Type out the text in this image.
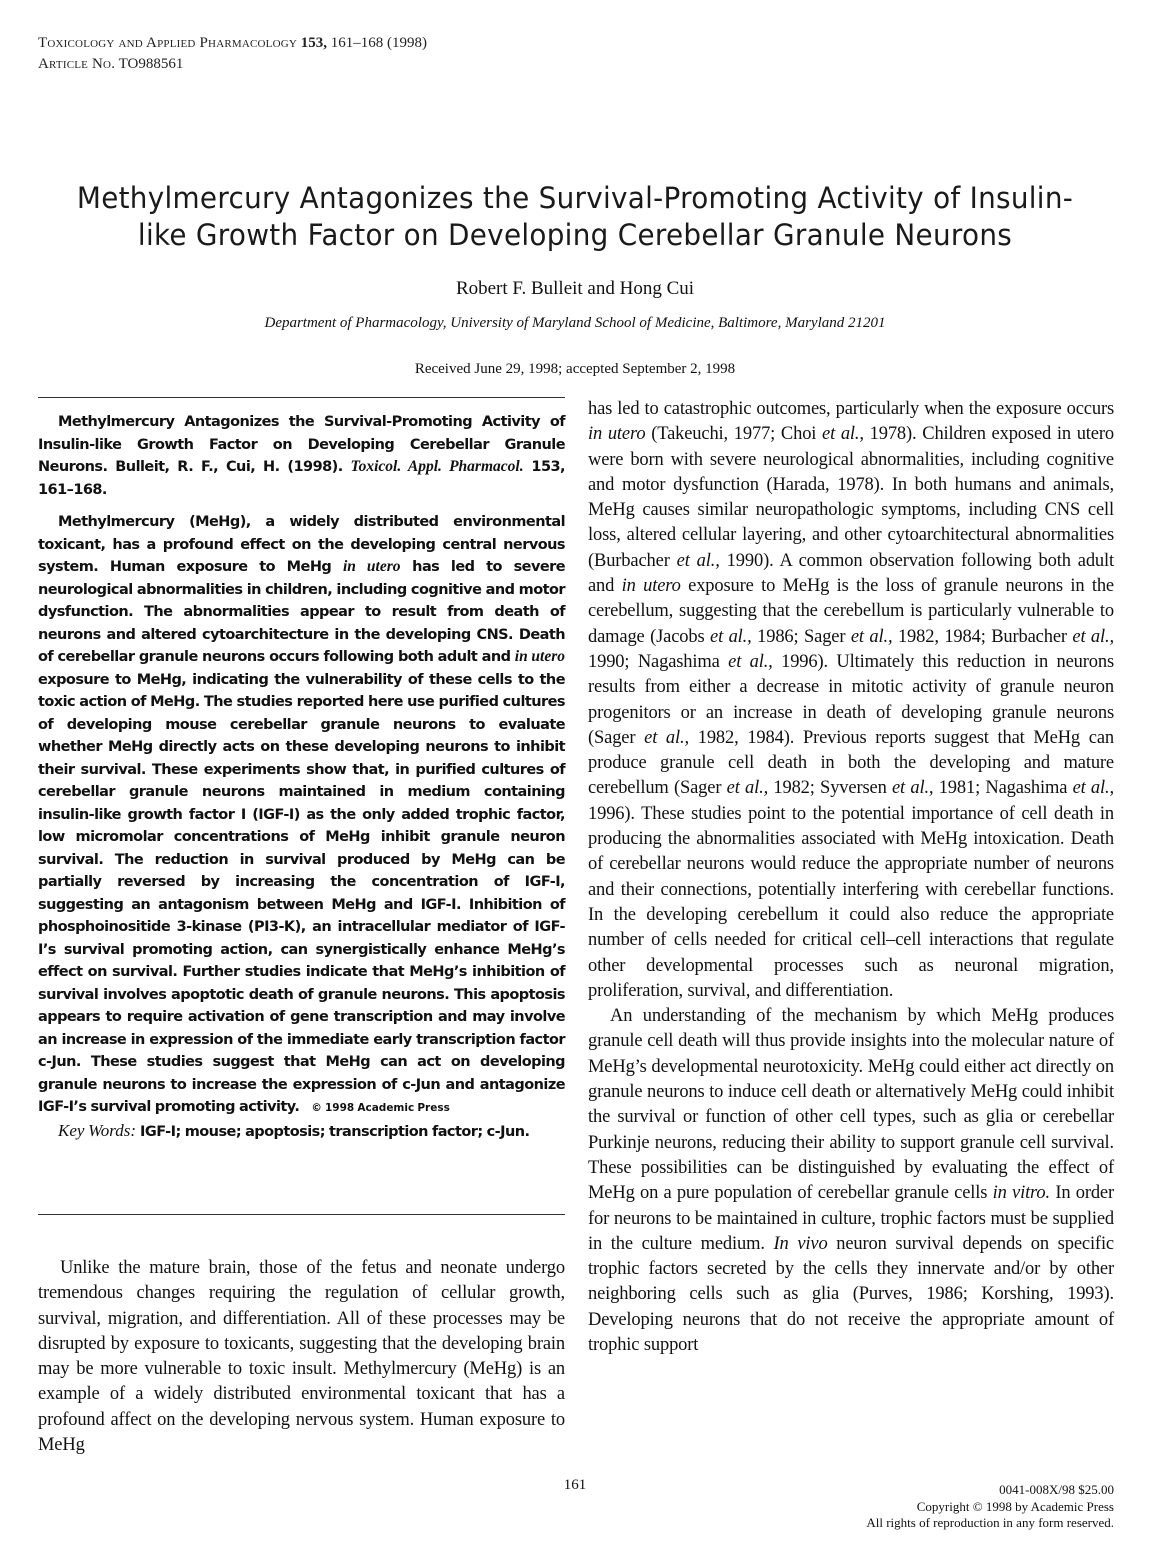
Toxicology and Applied Pharmacology 153, 161–168 (1998)
Article No. TO988561
Methylmercury Antagonizes the Survival-Promoting Activity of Insulin-
like Growth Factor on Developing Cerebellar Granule Neurons
Robert F. Bulleit and Hong Cui
Department of Pharmacology, University of Maryland School of Medicine, Baltimore, Maryland 21201
Received June 29, 1998; accepted September 2, 1998

Methylmercury Antagonizes the Survival-Promoting Activity of Insulin-like Growth Factor on Developing Cerebellar Granule Neurons. Bulleit, R. F., Cui, H. (1998). Toxicol. Appl. Pharmacol. 153, 161–168.

Methylmercury (MeHg), a widely distributed environmental toxicant, has a profound effect on the developing central nervous system. Human exposure to MeHg in utero has led to severe neurological abnormalities in children, including cognitive and motor dysfunction. The abnormalities appear to result from death of neurons and altered cytoarchitecture in the developing CNS. Death of cerebellar granule neurons occurs following both adult and in utero exposure to MeHg, indicating the vulnerability of these cells to the toxic action of MeHg. The studies reported here use purified cultures of developing mouse cerebellar granule neurons to evaluate whether MeHg directly acts on these developing neurons to inhibit their survival. These experiments show that, in purified cultures of cerebellar granule neurons maintained in medium containing insulin-like growth factor I (IGF-I) as the only added trophic factor, low micromolar concentrations of MeHg inhibit granule neuron survival. The reduction in survival produced by MeHg can be partially reversed by increasing the concentration of IGF-I, suggesting an antagonism between MeHg and IGF-I. Inhibition of phosphoinositide 3-kinase (PI3-K), an intracellular mediator of IGF-I’s survival promoting action, can synergistically enhance MeHg’s effect on survival. Further studies indicate that MeHg’s inhibition of survival involves apoptotic death of granule neurons. This apoptosis appears to require activation of gene transcription and may involve an increase in expression of the immediate early transcription factor c-Jun. These studies suggest that MeHg can act on developing granule neurons to increase the expression of c-Jun and antagonize IGF-I’s survival promoting activity. © 1998 Academic Press

Key Words: IGF-I; mouse; apoptosis; transcription factor; c-Jun.

Unlike the mature brain, those of the fetus and neonate undergo tremendous changes requiring the regulation of cellular growth, survival, migration, and differentiation. All of these processes may be disrupted by exposure to toxicants, suggesting that the developing brain may be more vulnerable to toxic insult. Methylmercury (MeHg) is an example of a widely distributed environmental toxicant that has a profound affect on the developing nervous system. Human exposure to MeHg

has led to catastrophic outcomes, particularly when the exposure occurs in utero (Takeuchi, 1977; Choi et al., 1978). Children exposed in utero were born with severe neurological abnormalities, including cognitive and motor dysfunction (Harada, 1978). In both humans and animals, MeHg causes similar neuropathologic symptoms, including CNS cell loss, altered cellular layering, and other cytoarchitectural abnormalities (Burbacher et al., 1990). A common observation following both adult and in utero exposure to MeHg is the loss of granule neurons in the cerebellum, suggesting that the cerebellum is particularly vulnerable to damage (Jacobs et al., 1986; Sager et al., 1982, 1984; Burbacher et al., 1990; Nagashima et al., 1996). Ultimately this reduction in neurons results from either a decrease in mitotic activity of granule neuron progenitors or an increase in death of developing granule neurons (Sager et al., 1982, 1984). Previous reports suggest that MeHg can produce granule cell death in both the developing and mature cerebellum (Sager et al., 1982; Syversen et al., 1981; Nagashima et al., 1996). These studies point to the potential importance of cell death in producing the abnormalities associated with MeHg intoxication. Death of cerebellar neurons would reduce the appropriate number of neurons and their connections, potentially interfering with cerebellar functions. In the developing cerebellum it could also reduce the appropriate number of cells needed for critical cell–cell interactions that regulate other developmental processes such as neuronal migration, proliferation, survival, and differentiation.

An understanding of the mechanism by which MeHg produces granule cell death will thus provide insights into the molecular nature of MeHg’s developmental neurotoxicity. MeHg could either act directly on granule neurons to induce cell death or alternatively MeHg could inhibit the survival or function of other cell types, such as glia or cerebellar Purkinje neurons, reducing their ability to support granule cell survival. These possibilities can be distinguished by evaluating the effect of MeHg on a pure population of cerebellar granule cells in vitro. In order for neurons to be maintained in culture, trophic factors must be supplied in the culture medium. In vivo neuron survival depends on specific trophic factors secreted by the cells they innervate and/or by other neighboring cells such as glia (Purves, 1986; Korshing, 1993). Developing neurons that do not receive the appropriate amount of trophic support

161	0041-008X/98 $25.00
Copyright © 1998 by Academic Press
All rights of reproduction in any form reserved.
